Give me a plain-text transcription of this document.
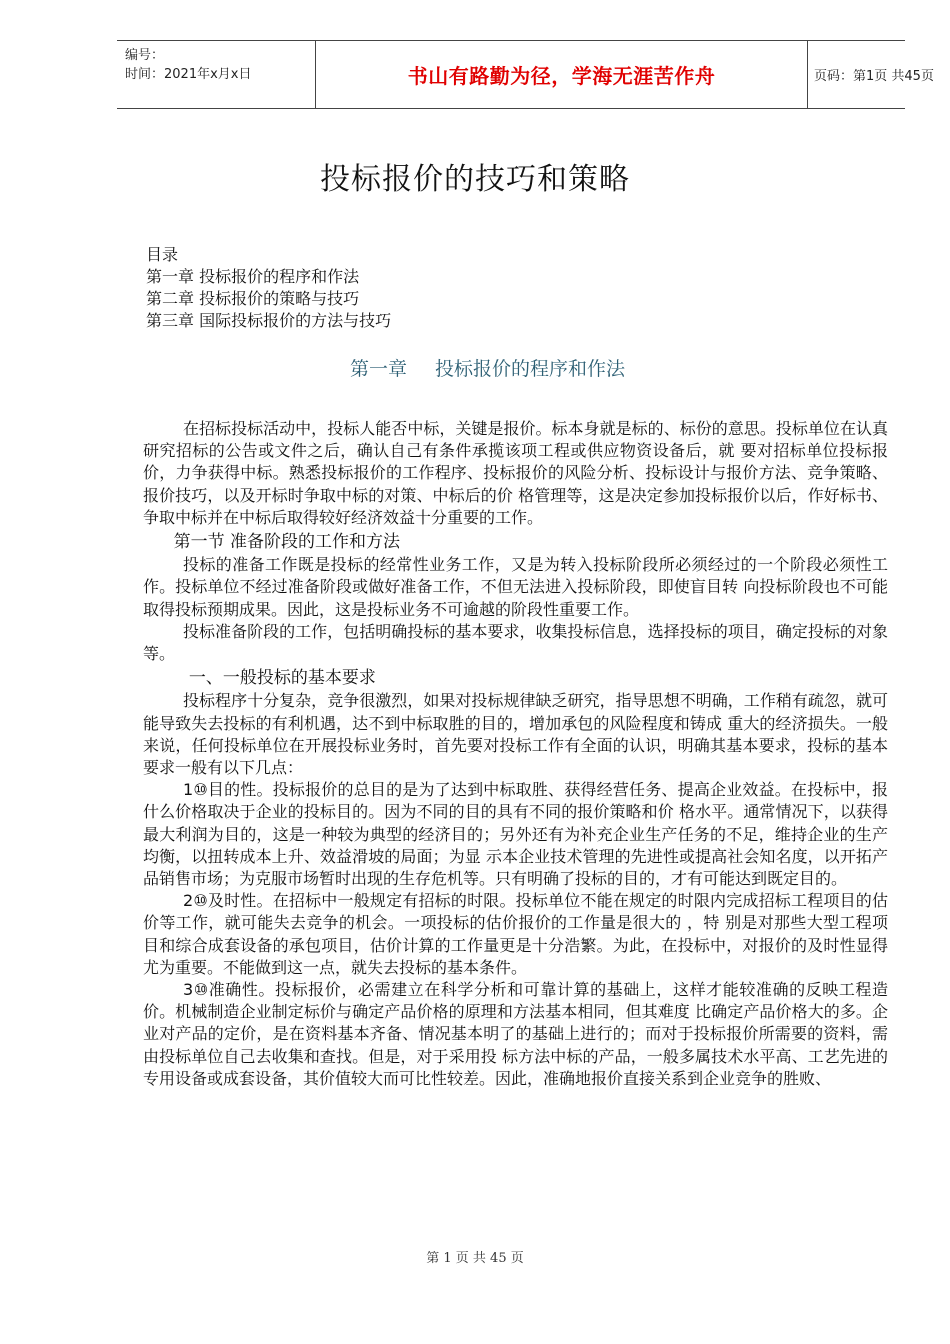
编号：
时间：2021年x月x日	书山有路勤为径，学海无涯苦作舟	页码：第1页 共45页
投标报价的技巧和策略
目录
第一章 投标报价的程序和作法
第二章 投标报价的策略与技巧
第三章 国际投标报价的方法与技巧
第一章 投标报价的程序和作法

在招标投标活动中，投标人能否中标，关键是报价。标本身就是标的、标份的意思。投标单位在认真研究招标的公告或文件之后，确认自己有条件承揽该项工程或供应物资设备后，就 要对招标单位投标报价，力争获得中标。熟悉投标报价的工作程序、投标报价的风险分析、投标设计与报价方法、竞争策略、报价技巧，以及开标时争取中标的对策、中标后的价 格管理等，这是决定参加投标报价以后，作好标书、争取中标并在中标后取得较好经济效益十分重要的工作。

第一节 准备阶段的工作和方法

投标的准备工作既是投标的经常性业务工作，又是为转入投标阶段所必须经过的一个阶段必须性工作。投标单位不经过准备阶段或做好准备工作，不但无法进入投标阶段，即使盲目转 向投标阶段也不可能取得投标预期成果。因此，这是投标业务不可逾越的阶段性重要工作。

投标准备阶段的工作，包括明确投标的基本要求，收集投标信息，选择投标的项目，确定投标的对象等。

一、一般投标的基本要求

投标程序十分复杂，竞争很激烈，如果对投标规律缺乏研究，指导思想不明确，工作稍有疏忽，就可能导致失去投标的有利机遇，达不到中标取胜的目的，增加承包的风险程度和铸成 重大的经济损失。一般来说，任何投标单位在开展投标业务时，首先要对投标工作有全面的认识，明确其基本要求，投标的基本要求一般有以下几点：

1⑩目的性。投标报价的总目的是为了达到中标取胜、获得经营任务、提高企业效益。在投标中，报什么价格取决于企业的投标目的。因为不同的目的具有不同的报价策略和价 格水平。通常情况下，以获得最大利润为目的，这是一种较为典型的经济目的；另外还有为补充企业生产任务的不足，维持企业的生产均衡，以扭转成本上升、效益滑坡的局面；为显 示本企业技术管理的先进性或提高社会知名度，以开拓产品销售市场；为克服市场暂时出现的生存危机等。只有明确了投标的目的，才有可能达到既定目的。

2⑩及时性。在招标中一般规定有招标的时限。投标单位不能在规定的时限内完成招标工程项目的估价等工作，就可能失去竞争的机会。一项投标的估价报价的工作量是很大的 ，特 别是对那些大型工程项目和综合成套设备的承包项目，估价计算的工作量更是十分浩繁。为此，在投标中，对报价的及时性显得尤为重要。不能做到这一点，就失去投标的基本条件。

3⑩准确性。投标报价，必需建立在科学分析和可靠计算的基础上，这样才能较准确的反映工程造价。机械制造企业制定标价与确定产品价格的原理和方法基本相同，但其难度 比确定产品价格大的多。企业对产品的定价，是在资料基本齐备、情况基本明了的基础上进行的；而对于投标报价所需要的资料，需由投标单位自己去收集和查找。但是，对于采用投 标方法中标的产品，一般多属技术水平高、工艺先进的专用设备或成套设备，其价值较大而可比性较差。因此，准确地报价直接关系到企业竞争的胜败、

第 1 页 共 45 页
